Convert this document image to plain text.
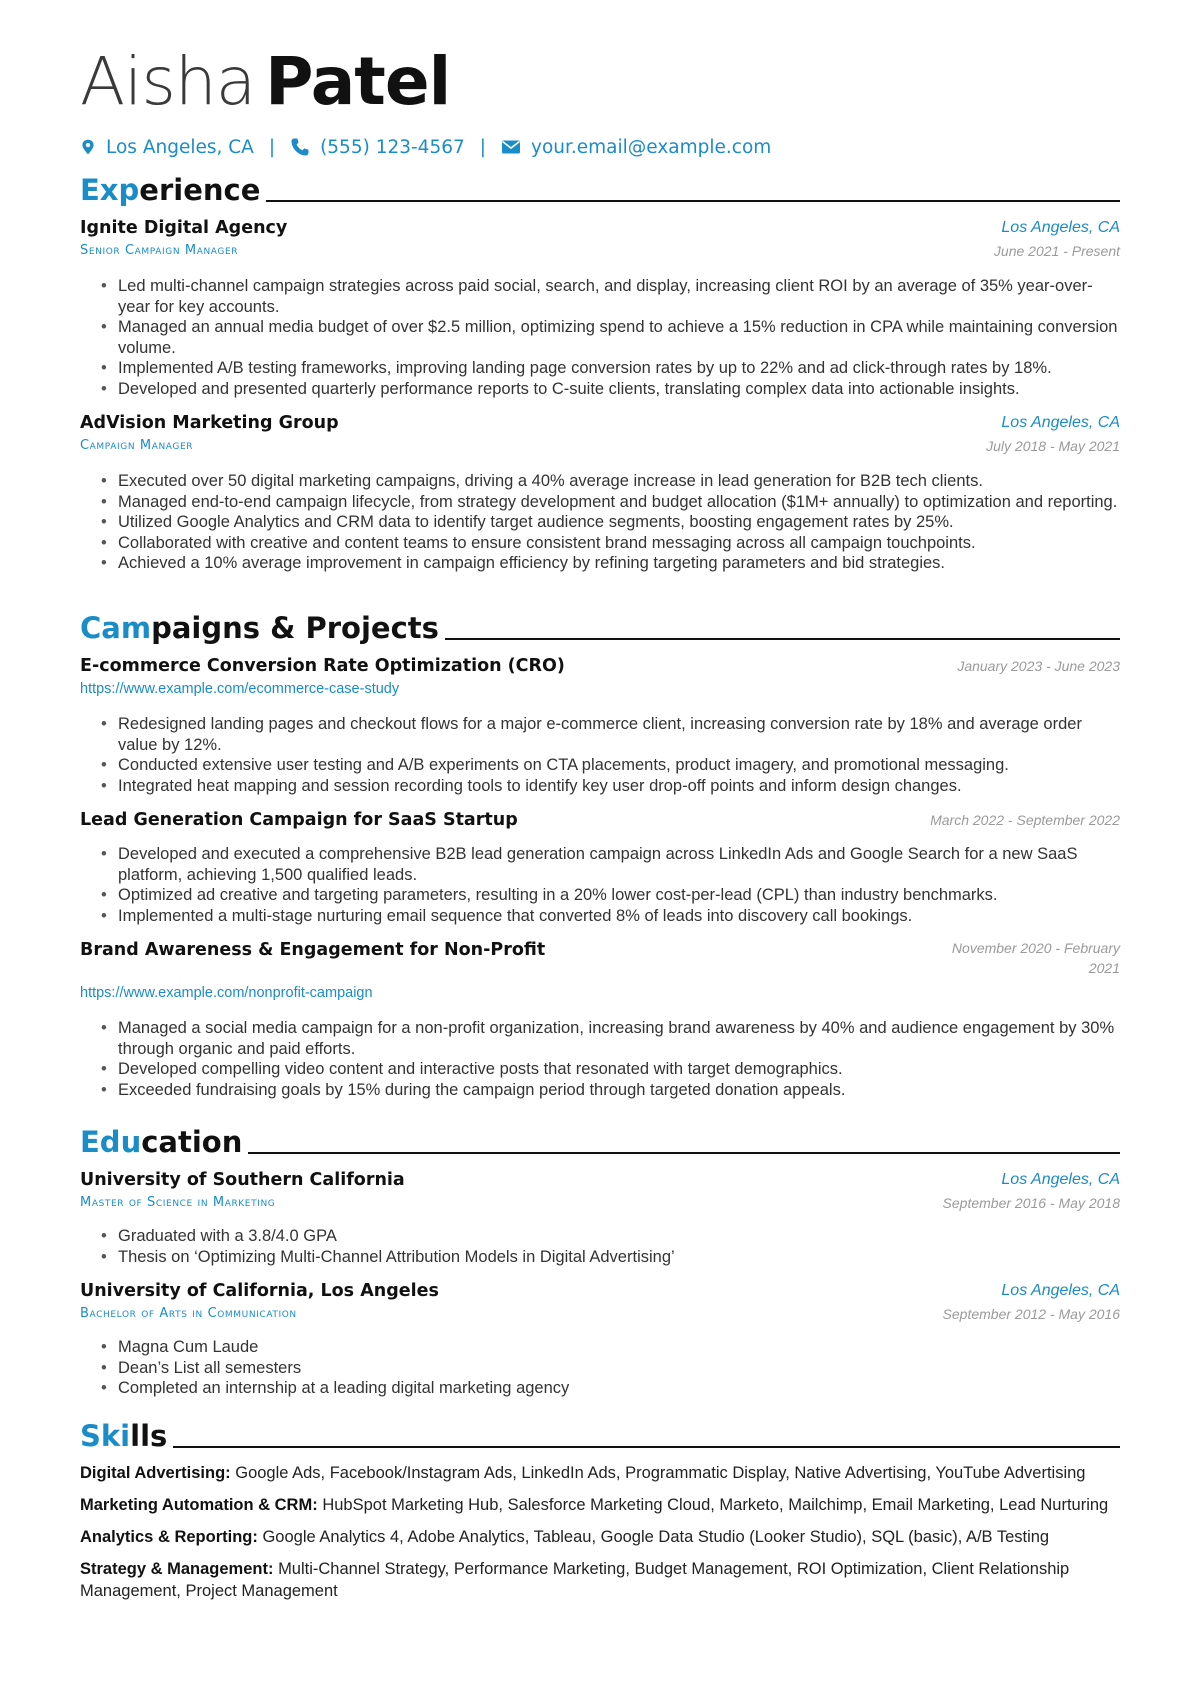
Aisha Patel
Los Angeles, CA | (555) 123-4567 | your.email@example.com
Experience
Ignite Digital Agency
Senior Campaign Manager
Los Angeles, CA
June 2021 - Present
• Led multi-channel campaign strategies across paid social, search, and display, increasing client ROI by an average of 35% year-over-year for key accounts.
• Managed an annual media budget of over $2.5 million, optimizing spend to achieve a 15% reduction in CPA while maintaining conversion volume.
• Implemented A/B testing frameworks, improving landing page conversion rates by up to 22% and ad click-through rates by 18%.
• Developed and presented quarterly performance reports to C-suite clients, translating complex data into actionable insights.
AdVision Marketing Group
Campaign Manager
Los Angeles, CA
July 2018 - May 2021
• Executed over 50 digital marketing campaigns, driving a 40% average increase in lead generation for B2B tech clients.
• Managed end-to-end campaign lifecycle, from strategy development and budget allocation ($1M+ annually) to optimization and reporting.
• Utilized Google Analytics and CRM data to identify target audience segments, boosting engagement rates by 25%.
• Collaborated with creative and content teams to ensure consistent brand messaging across all campaign touchpoints.
• Achieved a 10% average improvement in campaign efficiency by refining targeting parameters and bid strategies.
Campaigns & Projects
E-commerce Conversion Rate Optimization (CRO)
https://www.example.com/ecommerce-case-study
January 2023 - June 2023
• Redesigned landing pages and checkout flows for a major e-commerce client, increasing conversion rate by 18% and average order value by 12%.
• Conducted extensive user testing and A/B experiments on CTA placements, product imagery, and promotional messaging.
• Integrated heat mapping and session recording tools to identify key user drop-off points and inform design changes.
Lead Generation Campaign for SaaS Startup	March 2022 - September 2022
• Developed and executed a comprehensive B2B lead generation campaign across LinkedIn Ads and Google Search for a new SaaS platform, achieving 1,500 qualified leads.
• Optimized ad creative and targeting parameters, resulting in a 20% lower cost-per-lead (CPL) than industry benchmarks.
• Implemented a multi-stage nurturing email sequence that converted 8% of leads into discovery call bookings.
Brand Awareness & Engagement for Non-Profit
https://www.example.com/nonprofit-campaign
November 2020 - February
2021
• Managed a social media campaign for a non-profit organization, increasing brand awareness by 40% and audience engagement by 30% through organic and paid efforts.
• Developed compelling video content and interactive posts that resonated with target demographics.
• Exceeded fundraising goals by 15% during the campaign period through targeted donation appeals.
Education
University of Southern California
Master of Science in Marketing
Los Angeles, CA
September 2016 - May 2018
• Graduated with a 3.8/4.0 GPA
• Thesis on ‘Optimizing Multi-Channel Attribution Models in Digital Advertising’
University of California, Los Angeles
Bachelor of Arts in Communication
Los Angeles, CA
September 2012 - May 2016
• Magna Cum Laude
• Dean’s List all semesters
• Completed an internship at a leading digital marketing agency
Skills
Digital Advertising: Google Ads, Facebook/Instagram Ads, LinkedIn Ads, Programmatic Display, Native Advertising, YouTube Advertising
Marketing Automation & CRM: HubSpot Marketing Hub, Salesforce Marketing Cloud, Marketo, Mailchimp, Email Marketing, Lead Nurturing
Analytics & Reporting: Google Analytics 4, Adobe Analytics, Tableau, Google Data Studio (Looker Studio), SQL (basic), A/B Testing
Strategy & Management: Multi-Channel Strategy, Performance Marketing, Budget Management, ROI Optimization, Client Relationship Management, Project Management
